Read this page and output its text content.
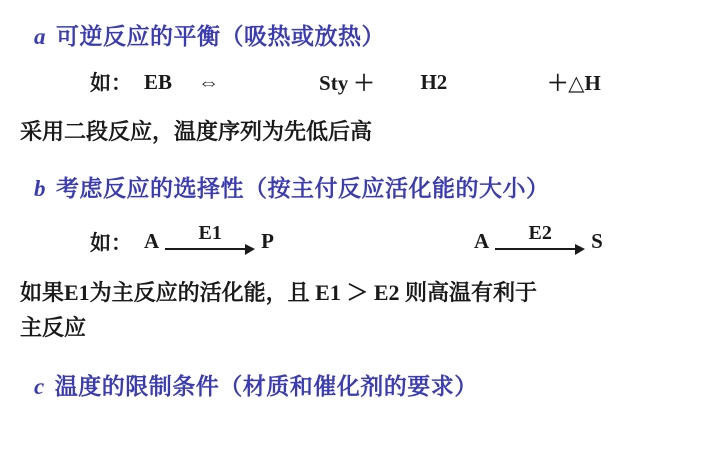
a 可逆反应的平衡 （吸热或放热）
如： EB ⇔	Sty ＋ H2	＋△H
采用二段反应，温度序列为先低后高
b 考虑反应的选择性 （按主付反应活化能的大小）
如： A E1 P	A E2 S
如果E1为主反应的活化能，且 E1 ＞ E2 则高温有利于
主反应
c 温度的限制条件 （材质和催化剂的要求）
